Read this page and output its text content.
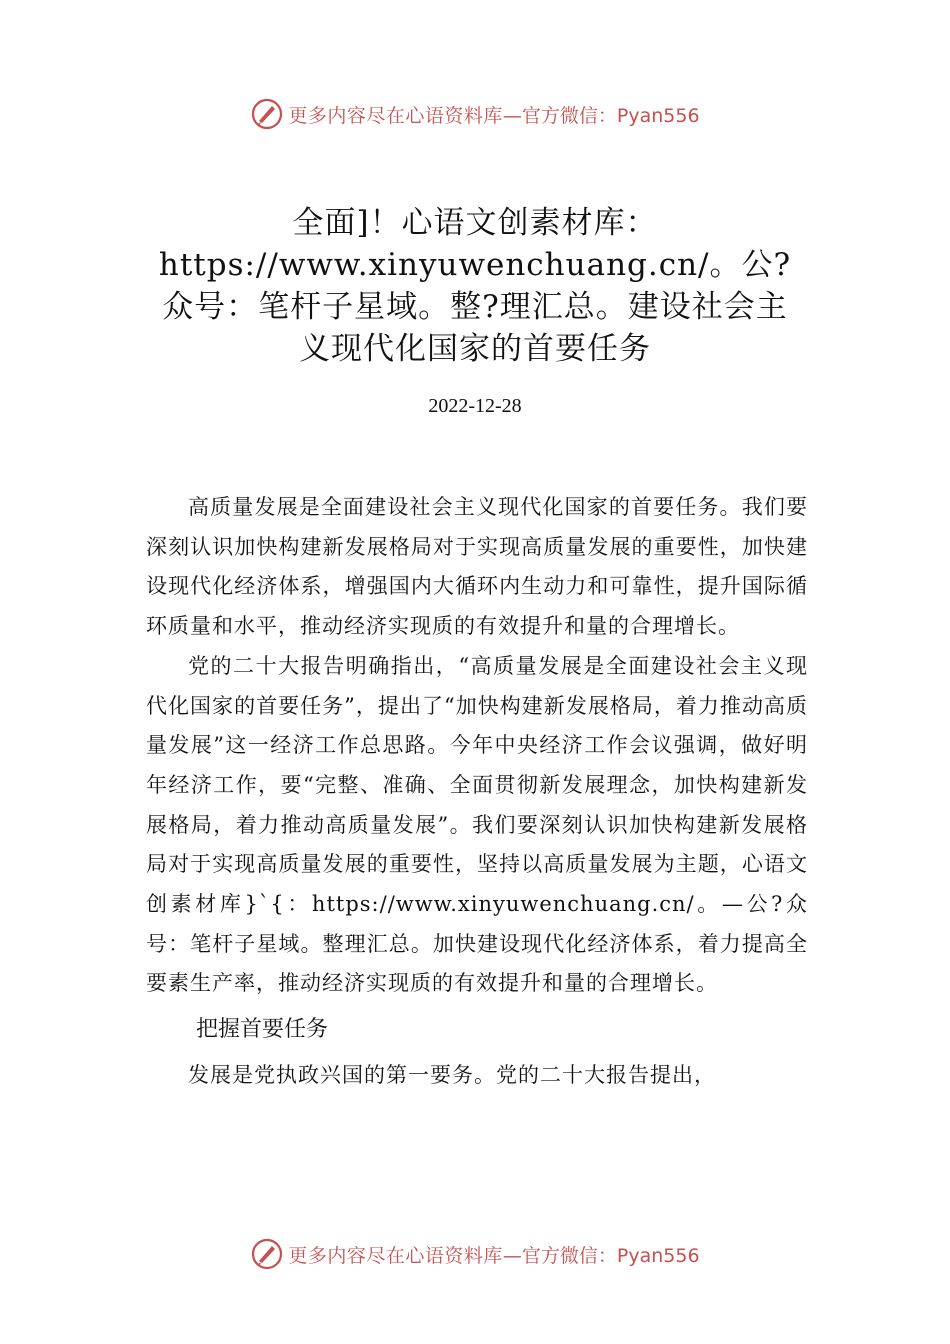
更多内容尽在心语资料库 —官方微信：Pyan556
全面]！心语文创素材库：https://www.xinyuwenchuang.cn/。公?众号：笔杆子星域。整?理汇总。建设社会主义现代化国家的首要任务
2022-12-28

高质量发展是全面建设社会主义现代化国家的首要任务。我们要深刻认识加快构建新发展格局对于实现高质量发展的重要性，加快建设现代化经济体系，增强国内大循环内生动力和可靠性，提升国际循环质量和水平，推动经济实现质的有效提升和量的合理增长。

党的二十大报告明确指出，“高质量发展是全面建设社会主义现代化国家的首要任务”，提出了“加快构建新发展格局，着力推动高质量发展”这一经济工作总思路。今年中央经济工作会议强调，做好明年经济工作，要“完整、准确、全面贯彻新发展理念，加快构建新发展格局，着力推动高质量发展”。我们要深刻认识加快构建新发展格局对于实现高质量发展的重要性，坚持以高质量发展为主题，心语文创素材库}`{：https://www.xinyuwenchuang.cn/。—公?众号：笔杆子星域。整理汇总。加快建设现代化经济体系，着力提高全要素生产率，推动经济实现质的有效提升和量的合理增长。

把握首要任务

发展是党执政兴国的第一要务。党的二十大报告提出，

更多内容尽在心语资料库 —官方微信：Pyan556
